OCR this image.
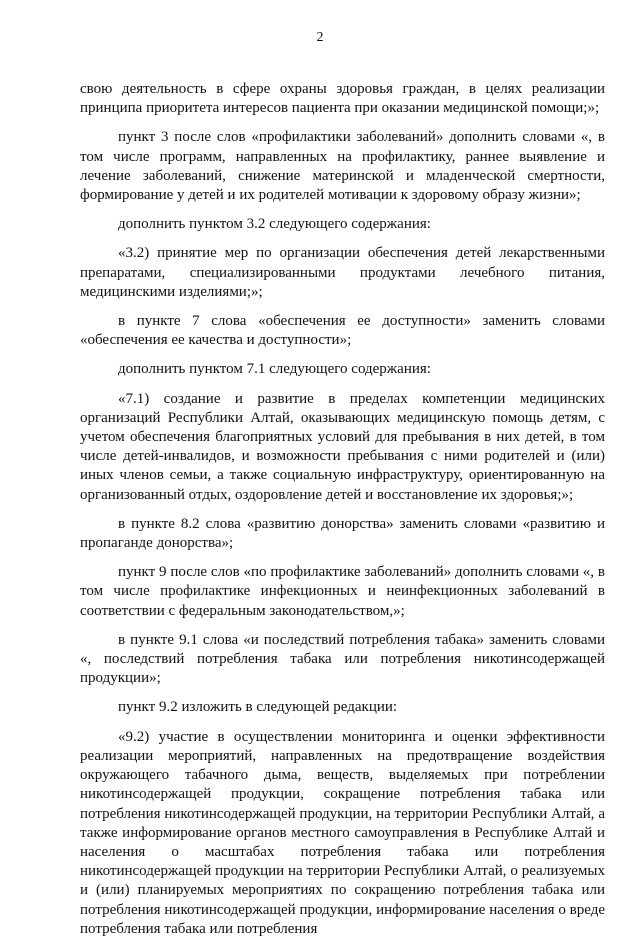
2

свою деятельность в сфере охраны здоровья граждан, в целях реализации принципа приоритета интересов пациента при оказании медицинской помощи;»;

пункт 3 после слов «профилактики заболеваний» дополнить словами «, в том числе программ, направленных на профилактику, раннее выявление и лечение заболеваний, снижение материнской и младенческой смертности, формирование у детей и их родителей мотивации к здоровому образу жизни»;

дополнить пунктом 3.2 следующего содержания:

«3.2) принятие мер по организации обеспечения детей лекарственными препаратами, специализированными продуктами лечебного питания, медицинскими изделиями;»;

в пункте 7 слова «обеспечения ее доступности» заменить словами «обеспечения ее качества и доступности»;

дополнить пунктом 7.1 следующего содержания:

«7.1) создание и развитие в пределах компетенции медицинских организаций Республики Алтай, оказывающих медицинскую помощь детям, с учетом обеспечения благоприятных условий для пребывания в них детей, в том числе детей-инвалидов, и возможности пребывания с ними родителей и (или) иных членов семьи, а также социальную инфраструктуру, ориентированную на организованный отдых, оздоровление детей и восстановление их здоровья;»;

в пункте 8.2 слова «развитию донорства» заменить словами «развитию и пропаганде донорства»;

пункт 9 после слов «по профилактике заболеваний» дополнить словами «, в том числе профилактике инфекционных и неинфекционных заболеваний в соответствии с федеральным законодательством,»;

в пункте 9.1 слова «и последствий потребления табака» заменить словами «, последствий потребления табака или потребления никотинсодержащей продукции»;

пункт 9.2 изложить в следующей редакции:

«9.2) участие в осуществлении мониторинга и оценки эффективности реализации мероприятий, направленных на предотвращение воздействия окружающего табачного дыма, веществ, выделяемых при потреблении никотинсодержащей продукции, сокращение потребления табака или потребления никотинсодержащей продукции, на территории Республики Алтай, а также информирование органов местного самоуправления в Республике Алтай и населения о масштабах потребления табака или потребления никотинсодержащей продукции на территории Республики Алтай, о реализуемых и (или) планируемых мероприятиях по сокращению потребления табака или потребления никотинсодержащей продукции, информирование населения о вреде потребления табака или потребления
